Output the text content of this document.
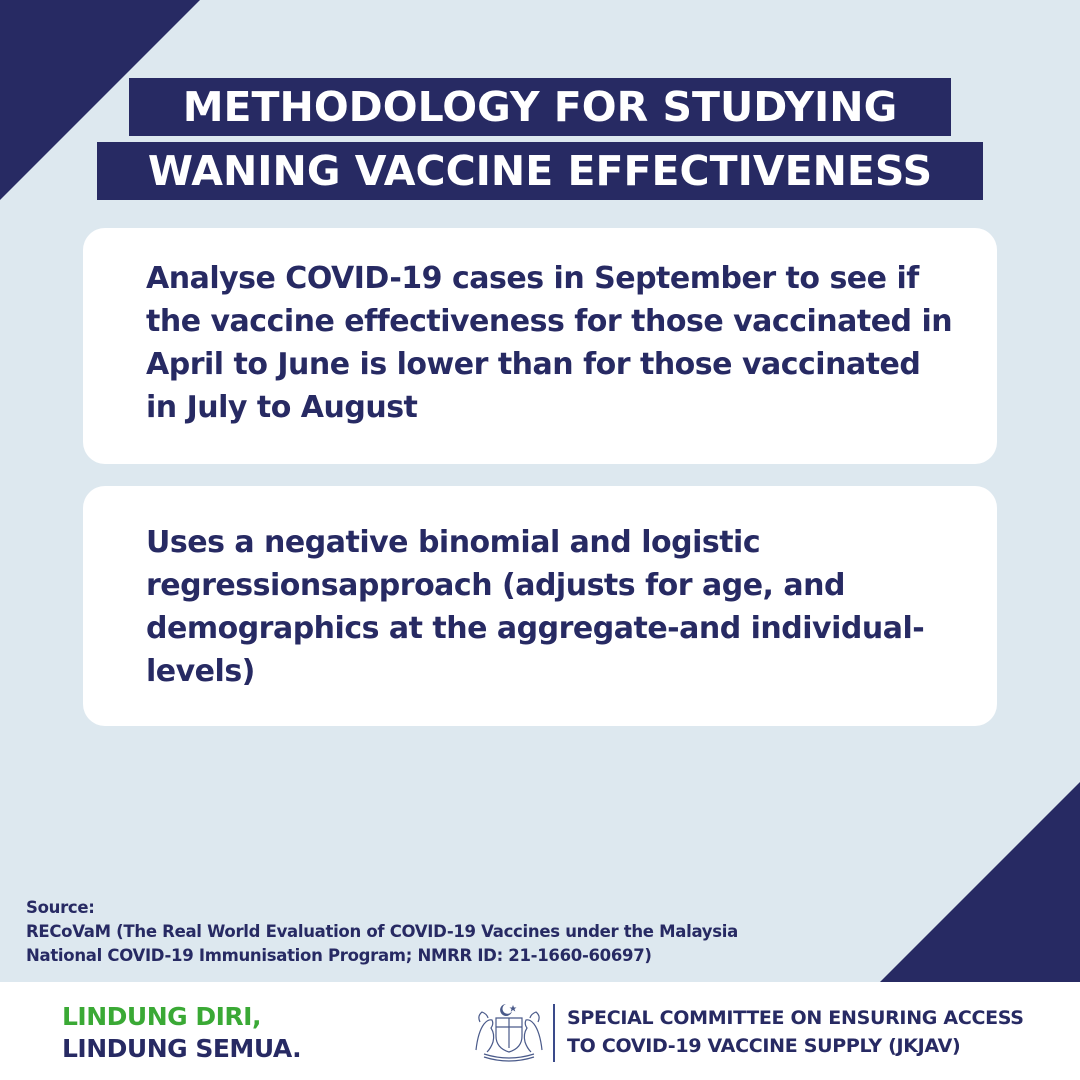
METHODOLOGY FOR STUDYING
WANING VACCINE EFFECTIVENESS
Analyse COVID-19 cases in September to see if the vaccine effectiveness for those vaccinated in April to June is lower than for those vaccinated in July to August
Uses a negative binomial and logistic regressionsapproach (adjusts for age, and demographics at the aggregate-and individual-levels)
Source:
RECoVaM (The Real World Evaluation of COVID-19 Vaccines under the Malaysia
National COVID-19 Immunisation Program; NMRR ID: 21-1660-60697)
LINDUNG DIRI,
LINDUNG SEMUA.
SPECIAL COMMITTEE ON ENSURING ACCESS
TO COVID-19 VACCINE SUPPLY (JKJAV)
